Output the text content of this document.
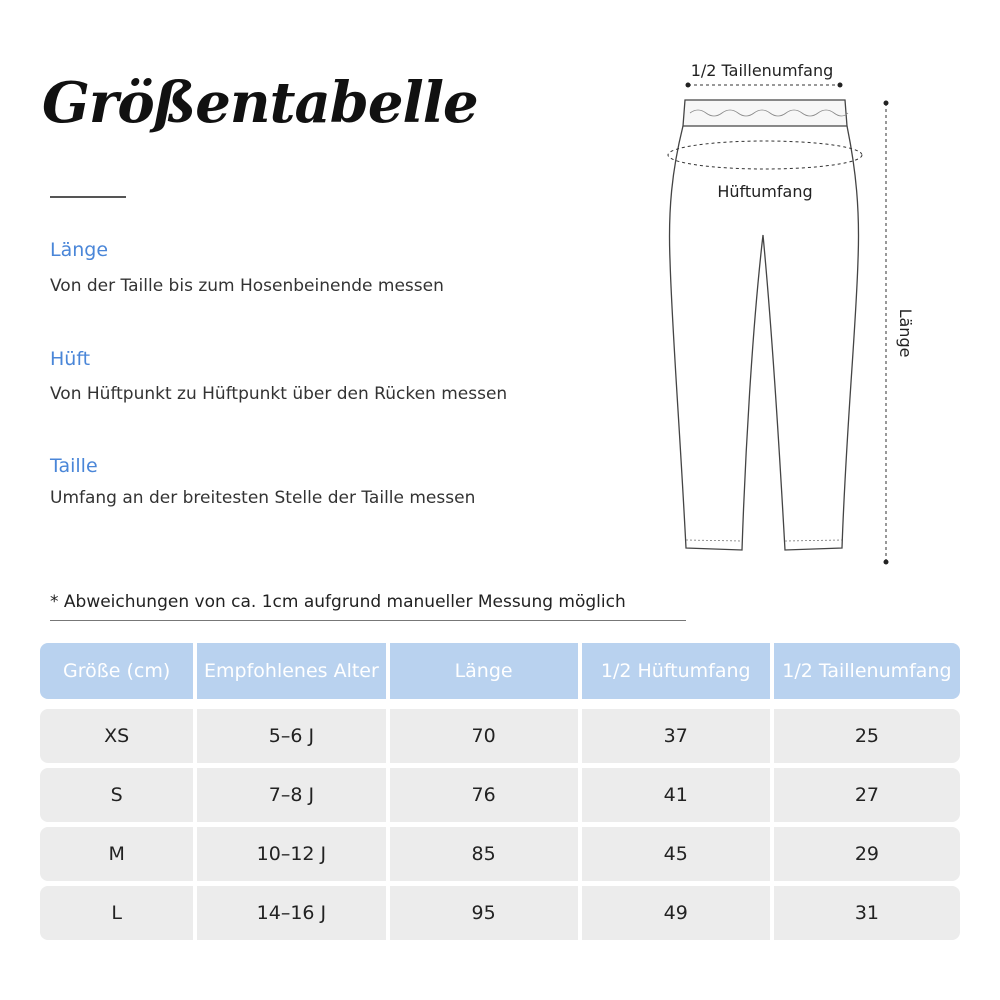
Größentabelle
Länge
Von der Taille bis zum Hosenbeinende messen
Hüft
Von Hüftpunkt zu Hüftpunkt über den Rücken messen
Taille
Umfang an der breitesten Stelle der Taille messen
* Abweichungen von ca. 1cm aufgrund manueller Messung möglich
1/2 Taillenumfang
Hüftumfang
Länge
Größe (cm)	Empfohlenes Alter	Länge	1/2 Hüftumfang	1/2 Taillenumfang
XS	5–6 J	70	37	25
S	7–8 J	76	41	27
M	10–12 J	85	45	29
L	14–16 J	95	49	31
